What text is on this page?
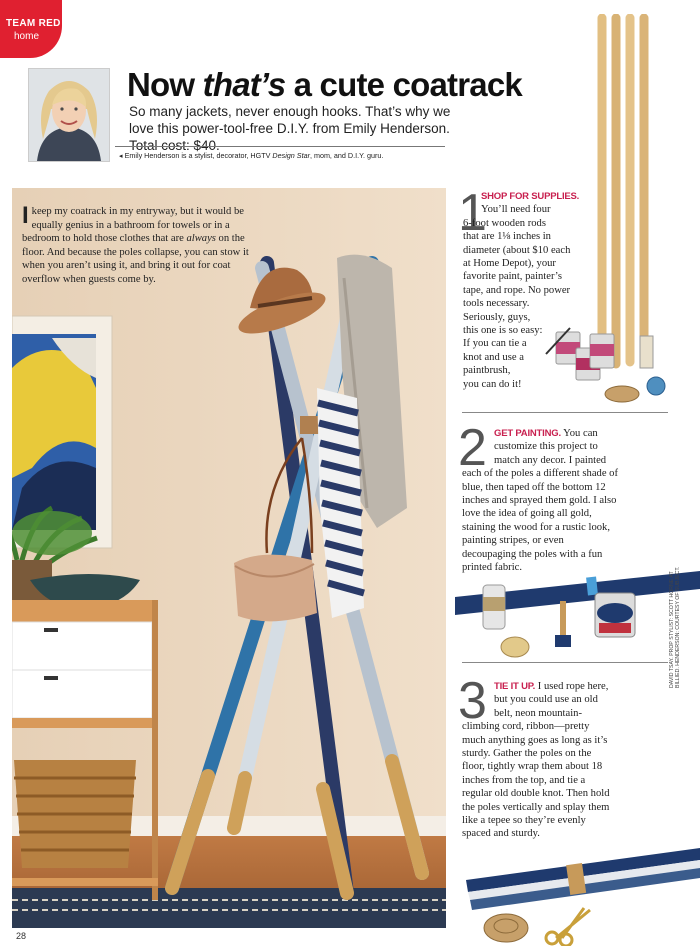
TEAM RED
home
Now that’s a cute coatrack
So many jackets, never enough hooks. That’s why we love this power-tool-free D.I.Y. from Emily Henderson. Total cost: $40.
◂ Emily Henderson is a stylist, decorator, HGTV Design Star, mom, and D.I.Y. guru.
I keep my coatrack in my entryway, but it would be equally genius in a bathroom for towels or in a bedroom to hold those clothes that are always on the floor. And because the poles collapse, you can stow it when you aren’t using it, and bring it out for coat overflow when guests come by.
1
SHOP FOR SUPPLIES.
You’ll need four
6-foot wooden rods
that are 1⅛ inches in
diameter (about $10 each
at Home Depot), your
favorite paint, painter’s
tape, and rope. No power
tools necessary.
Seriously, guys,
this one is so easy:
If you can tie a
knot and use a
paintbrush,
you can do it!
2 GET PAINTING. You can
customize this project to
match any decor. I painted
each of the poles a different shade of
blue, then taped off the bottom 12
inches and sprayed them gold. I also
love the idea of going all gold,
staining the wood for a rustic look,
painting stripes, or even
decoupaging the poles with a fun
printed fabric.
3 TIE IT UP. I used rope here,
but you could use an old
belt, neon mountain-
climbing cord, ribbon—pretty
much anything goes as long as it’s
sturdy. Gather the poles on the
floor, tightly wrap them about 18
inches from the top, and tie a
regular old double knot. Then hold
the poles vertically and splay them
like a tepee so they’re evenly
spaced and sturdy.
DAVID TSAY. PROP STYLIST: SCOTT HORNE AT BILLIED. HENDERSON: COURTESY OF SUBJECT.
28
